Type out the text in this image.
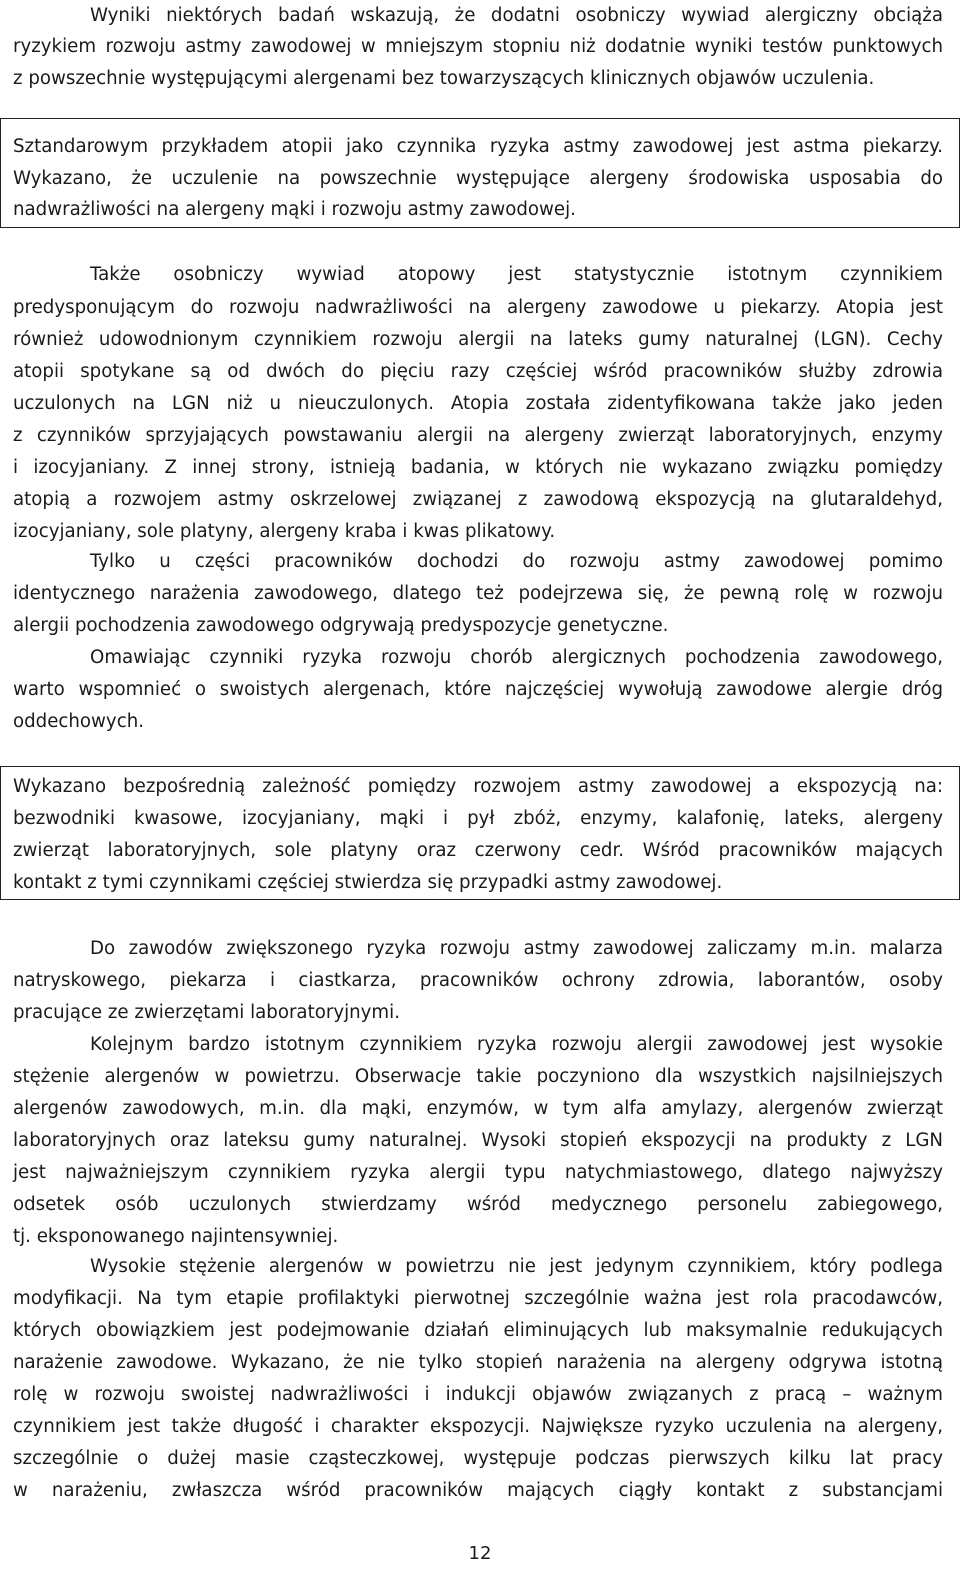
Wyniki niektórych badań wskazują, że dodatni osobniczy wywiad alergiczny obciąża
ryzykiem rozwoju astmy zawodowej w mniejszym stopniu niż dodatnie wyniki testów punktowych
z powszechnie występującymi alergenami bez towarzyszących klinicznych objawów uczulenia.
Sztandarowym przykładem atopii jako czynnika ryzyka astmy zawodowej jest astma piekarzy.
Wykazano, że uczulenie na powszechnie występujące alergeny środowiska usposabia do
nadwrażliwości na alergeny mąki i rozwoju astmy zawodowej.
Także osobniczy wywiad atopowy jest statystycznie istotnym czynnikiem
predysponującym do rozwoju nadwrażliwości na alergeny zawodowe u piekarzy. Atopia jest
również udowodnionym czynnikiem rozwoju alergii na lateks gumy naturalnej (LGN). Cechy
atopii spotykane są od dwóch do pięciu razy częściej wśród pracowników służby zdrowia
uczulonych na LGN niż u nieuczulonych. Atopia została zidentyfikowana także jako jeden
z czynników sprzyjających powstawaniu alergii na alergeny zwierząt laboratoryjnych, enzymy
i izocyjaniany. Z innej strony, istnieją badania, w których nie wykazano związku pomiędzy
atopią a rozwojem astmy oskrzelowej związanej z zawodową ekspozycją na glutaraldehyd,
izocyjaniany, sole platyny, alergeny kraba i kwas plikatowy.
Tylko u części pracowników dochodzi do rozwoju astmy zawodowej pomimo
identycznego narażenia zawodowego, dlatego też podejrzewa się, że pewną rolę w rozwoju
alergii pochodzenia zawodowego odgrywają predyspozycje genetyczne.
Omawiając czynniki ryzyka rozwoju chorób alergicznych pochodzenia zawodowego,
warto wspomnieć o swoistych alergenach, które najczęściej wywołują zawodowe alergie dróg
oddechowych.
Wykazano bezpośrednią zależność pomiędzy rozwojem astmy zawodowej a ekspozycją na:
bezwodniki kwasowe, izocyjaniany, mąki i pył zbóż, enzymy, kalafonię, lateks, alergeny
zwierząt laboratoryjnych, sole platyny oraz czerwony cedr. Wśród pracowników mających
kontakt z tymi czynnikami częściej stwierdza się przypadki astmy zawodowej.
Do zawodów zwiększonego ryzyka rozwoju astmy zawodowej zaliczamy m.in. malarza
natryskowego, piekarza i ciastkarza, pracowników ochrony zdrowia, laborantów, osoby
pracujące ze zwierzętami laboratoryjnymi.
Kolejnym bardzo istotnym czynnikiem ryzyka rozwoju alergii zawodowej jest wysokie
stężenie alergenów w powietrzu. Obserwacje takie poczyniono dla wszystkich najsilniejszych
alergenów zawodowych, m.in. dla mąki, enzymów, w tym alfa amylazy, alergenów zwierząt
laboratoryjnych oraz lateksu gumy naturalnej. Wysoki stopień ekspozycji na produkty z LGN
jest najważniejszym czynnikiem ryzyka alergii typu natychmiastowego, dlatego najwyższy
odsetek osób uczulonych stwierdzamy wśród medycznego personelu zabiegowego,
tj. eksponowanego najintensywniej.
Wysokie stężenie alergenów w powietrzu nie jest jedynym czynnikiem, który podlega
modyfikacji. Na tym etapie profilaktyki pierwotnej szczególnie ważna jest rola pracodawców,
których obowiązkiem jest podejmowanie działań eliminujących lub maksymalnie redukujących
narażenie zawodowe. Wykazano, że nie tylko stopień narażenia na alergeny odgrywa istotną
rolę w rozwoju swoistej nadwrażliwości i indukcji objawów związanych z pracą – ważnym
czynnikiem jest także długość i charakter ekspozycji. Największe ryzyko uczulenia na alergeny,
szczególnie o dużej masie cząsteczkowej, występuje podczas pierwszych kilku lat pracy
w narażeniu, zwłaszcza wśród pracowników mających ciągły kontakt z substancjami
12
